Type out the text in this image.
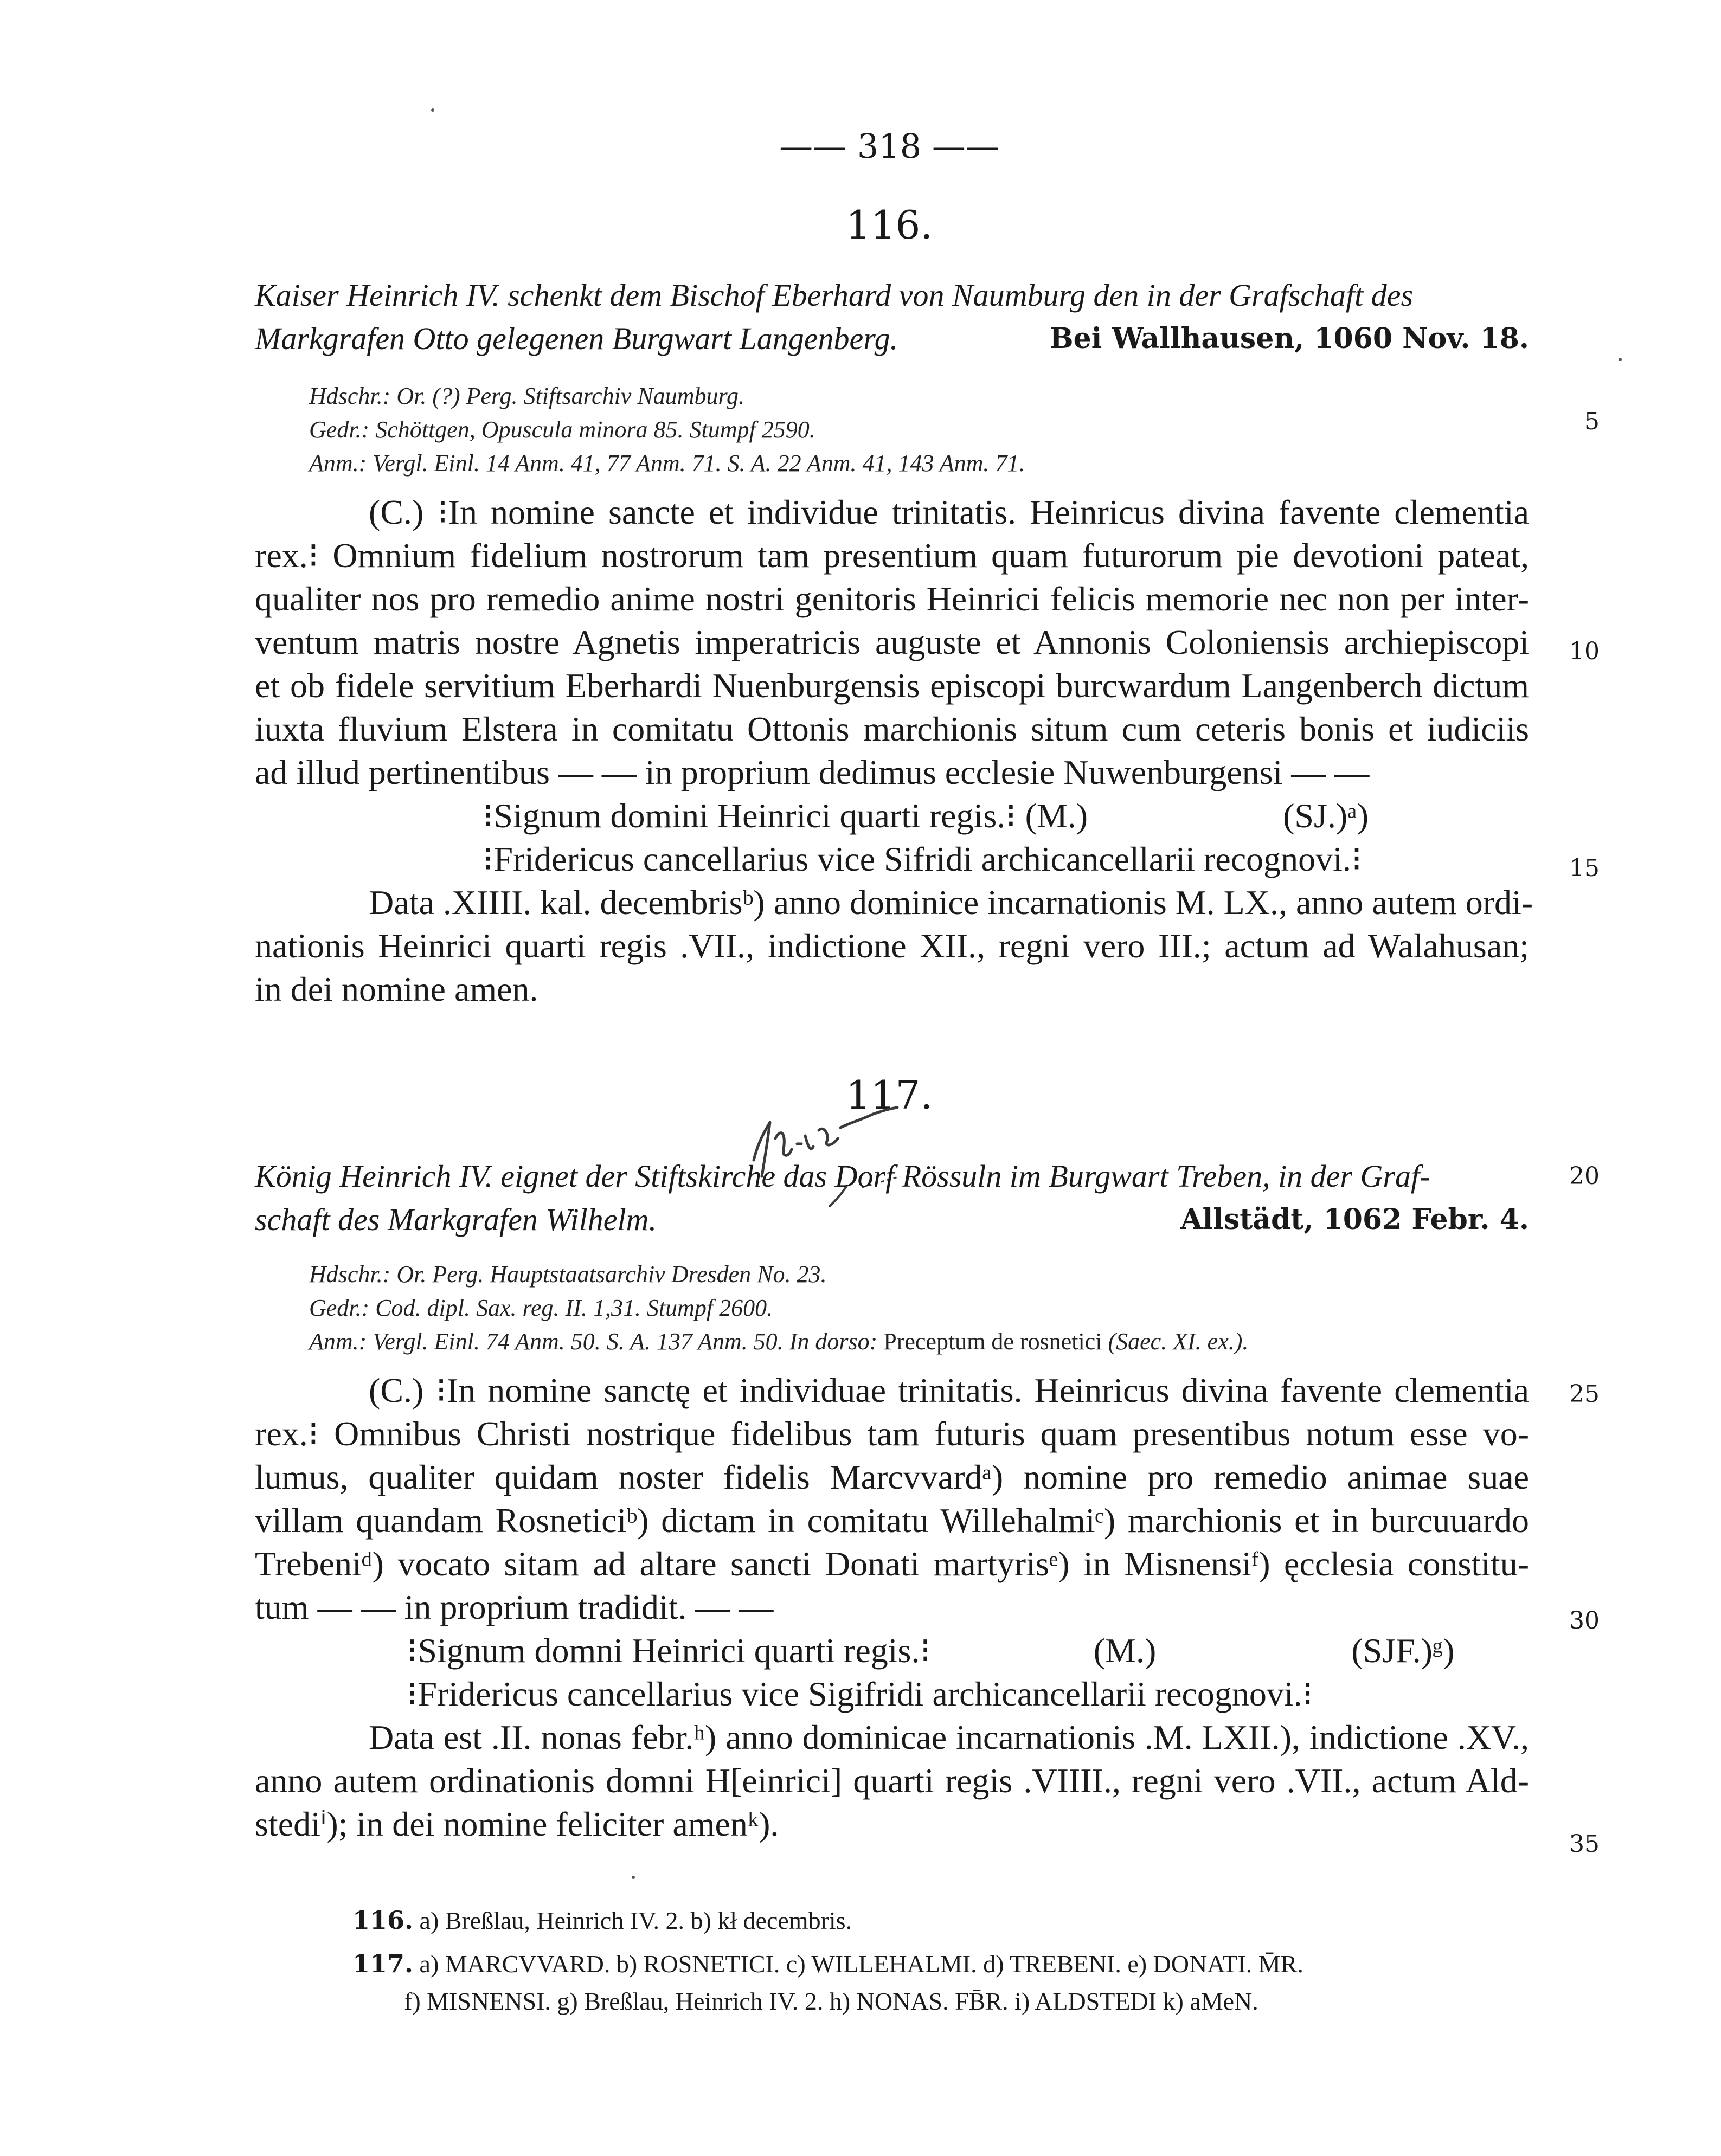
—— 318 ——
116.
Kaiser Heinrich IV. schenkt dem Bischof Eberhard von Naumburg den in der Grafschaft des
Markgrafen Otto gelegenen Burgwart Langenberg.	Bei Wallhausen, 1060 Nov. 18.
Hdschr.: Or. (?) Perg. Stiftsarchiv Naumburg.
Gedr.: Schöttgen, Opuscula minora 85. Stumpf 2590.
Anm.: Vergl. Einl. 14 Anm. 41, 77 Anm. 71. S. A. 22 Anm. 41, 143 Anm. 71.
(C.) ⁝In nomine sancte et individue trinitatis. Heinricus divina favente clementia
rex.⁝ Omnium fidelium nostrorum tam presentium quam futurorum pie devotioni pateat,
qualiter nos pro remedio anime nostri genitoris Heinrici felicis memorie nec non per inter-
ventum matris nostre Agnetis imperatricis auguste et Annonis Coloniensis archiepiscopi
et ob fidele servitium Eberhardi Nuenburgensis episcopi burcwardum Langenberch dictum
iuxta fluvium Elstera in comitatu Ottonis marchionis situm cum ceteris bonis et iudiciis
ad illud pertinentibus — — in proprium dedimus ecclesie Nuwenburgensi — —
⁝Signum domini Heinrici quarti regis.⁝ (M.)	(SJ.)ᵃ)
⁝Fridericus cancellarius vice Sifridi archicancellarii recognovi.⁝
Data .XIIII. kal. decembrisᵇ) anno dominice incarnationis M. LX., anno autem ordi-
nationis Heinrici quarti regis .VII., indictione XII., regni vero III.; actum ad Walahusan;
in dei nomine amen.
117.
König Heinrich IV. eignet der Stiftskirche das Dorf Rössuln im Burgwart Treben, in der Graf-
schaft des Markgrafen Wilhelm.	Allstädt, 1062 Febr. 4.
Hdschr.: Or. Perg. Hauptstaatsarchiv Dresden No. 23.
Gedr.: Cod. dipl. Sax. reg. II. 1,31. Stumpf 2600.
Anm.: Vergl. Einl. 74 Anm. 50. S. A. 137 Anm. 50. In dorso: Preceptum de rosnetici (Saec. XI. ex.).
(C.) ⁝In nomine sanctę et individuae trinitatis. Heinricus divina favente clementia
rex.⁝ Omnibus Christi nostrique fidelibus tam futuris quam presentibus notum esse vo-
lumus, qualiter quidam noster fidelis Marcvvardᵃ) nomine pro remedio animae suae
villam quandam Rosneticiᵇ) dictam in comitatu Willehalmiᶜ) marchionis et in burcuuardo
Trebeniᵈ) vocato sitam ad altare sancti Donati martyrisᵉ) in Misnensiᶠ) ęcclesia constitu-
tum — — in proprium tradidit. — —
⁝Signum domni Heinrici quarti regis.⁝	(M.)	(SJF.)ᵍ)
⁝Fridericus cancellarius vice Sigifridi archicancellarii recognovi.⁝
Data est .II. nonas febr.ʰ) anno dominicae incarnationis .M. LXII.), indictione .XV.,
anno autem ordinationis domni H[einrici] quarti regis .VIIII., regni vero .VII., actum Ald-
stediⁱ); in dei nomine feliciter amenᵏ).
5
10
15
20
25
30
35
116. a) Breßlau, Heinrich IV. 2. b) kł decembris.
117. a) MARCVVARD. b) ROSNETICI. c) WILLEHALMI. d) TREBENI. e) DONATI. M̄R.
f) MISNENSI. g) Breßlau, Heinrich IV. 2. h) NONAS. FB̄R. i) ALDSTEDI k) aMeN.
